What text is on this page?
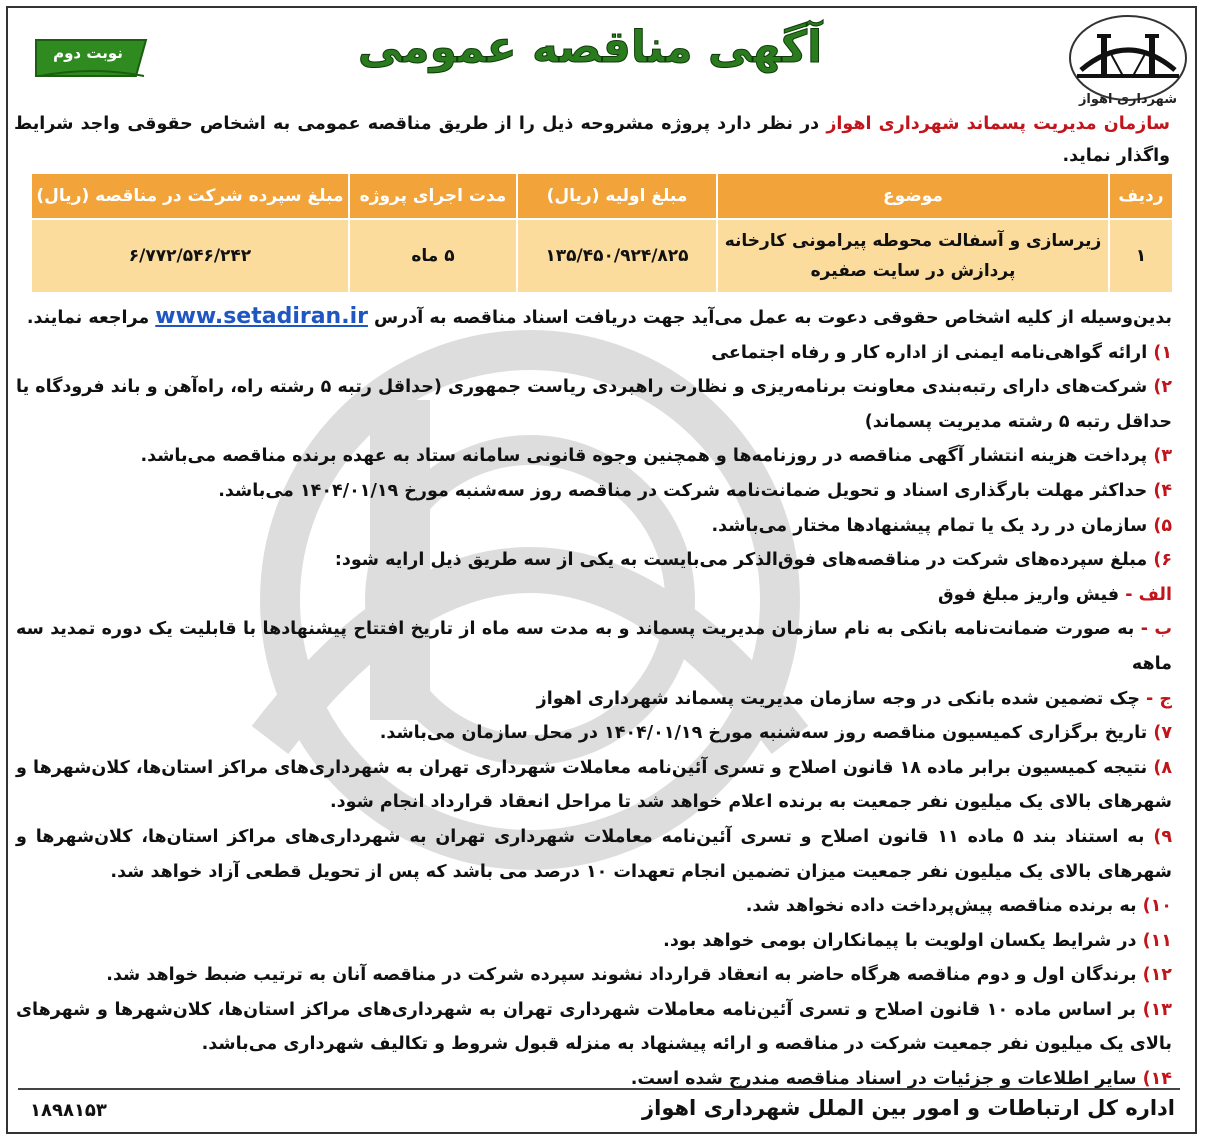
شهرداری اهواز
آگهی مناقصه عمومی
نوبت دوم
سازمان مدیریت پسماند شهرداری اهواز در نظر دارد پروژه مشروحه ذیل را از طریق مناقصه عمومی به اشخاص حقوقی واجد شرایط واگذار نماید.
ردیف	موضوع	مبلغ اولیه (ریال)	مدت اجرای پروژه	مبلغ سپرده شرکت در مناقصه (ریال)
۱	زیرسازی و آسفالت محوطه پیرامونی کارخانه پردازش در سایت صفیره	۱۳۵/۴۵۰/۹۲۴/۸۲۵	۵ ماه	۶/۷۷۲/۵۴۶/۲۴۲

بدین‌وسیله از کلیه اشخاص حقوقی دعوت به عمل می‌آید جهت دریافت اسناد مناقصه به آدرس www.setadiran.ir مراجعه نمایند.

۱) ارائه گواهی‌نامه ایمنی از اداره کار و رفاه اجتماعی

۲) شرکت‌های دارای رتبه‌بندی معاونت برنامه‌ریزی و نظارت راهبردی ریاست جمهوری (حداقل رتبه ۵ رشته راه، راه‌آهن و باند فرودگاه یا حداقل رتبه ۵ رشته مدیریت پسماند)

۳) پرداخت هزینه انتشار آگهی مناقصه در روزنامه‌ها و همچنین وجوه قانونی سامانه ستاد به عهده برنده مناقصه می‌باشد.

۴) حداکثر مهلت بارگذاری اسناد و تحویل ضمانت‌نامه شرکت در مناقصه روز سه‌شنبه مورخ ۱۴۰۴/۰۱/۱۹ می‌باشد.

۵) سازمان در رد یک یا تمام پیشنهادها مختار می‌باشد.

۶) مبلغ سپرده‌های شرکت در مناقصه‌های فوق‌الذکر می‌بایست به یکی از سه طریق ذیل ارایه شود:

الف - فیش واریز مبلغ فوق

ب - به صورت ضمانت‌نامه بانکی به نام سازمان مدیریت پسماند و به مدت سه ماه از تاریخ افتتاح پیشنهادها با قابلیت یک دوره تمدید سه ماهه

ج - چک تضمین شده بانکی در وجه سازمان مدیریت پسماند شهرداری اهواز

۷) تاریخ برگزاری کمیسیون مناقصه روز سه‌شنبه مورخ ۱۴۰۴/۰۱/۱۹ در محل سازمان می‌باشد.

۸) نتیجه کمیسیون برابر ماده ۱۸ قانون اصلاح و تسری آئین‌نامه معاملات شهرداری تهران به شهرداری‌های مراکز استان‌ها، کلان‌شهرها و شهرهای بالای یک میلیون نفر جمعیت به برنده اعلام خواهد شد تا مراحل انعقاد قرارداد انجام شود.

۹) به استناد بند ۵ ماده ۱۱ قانون اصلاح و تسری آئین‌نامه معاملات شهرداری تهران به شهرداری‌های مراکز استان‌ها، کلان‌شهرها و شهرهای بالای یک میلیون نفر جمعیت میزان تضمین انجام تعهدات ۱۰ درصد می باشد که پس از تحویل قطعی آزاد خواهد شد.

۱۰) به برنده مناقصه پیش‌پرداخت داده نخواهد شد.

۱۱) در شرایط یکسان اولویت با پیمانکاران بومی خواهد بود.

۱۲) برندگان اول و دوم مناقصه هرگاه حاضر به انعقاد قرارداد نشوند سپرده شرکت در مناقصه آنان به ترتیب ضبط خواهد شد.

۱۳) بر اساس ماده ۱۰ قانون اصلاح و تسری آئین‌نامه معاملات شهرداری تهران به شهرداری‌های مراکز استان‌ها، کلان‌شهرها و شهرهای بالای یک میلیون نفر جمعیت شرکت در مناقصه و ارائه پیشنهاد به منزله قبول شروط و تکالیف شهرداری می‌باشد.

۱۴) سایر اطلاعات و جزئیات در اسناد مناقصه مندرج شده است.

اداره کل ارتباطات و امور بین الملل شهرداری اهواز
۱۸۹۸۱۵۳
